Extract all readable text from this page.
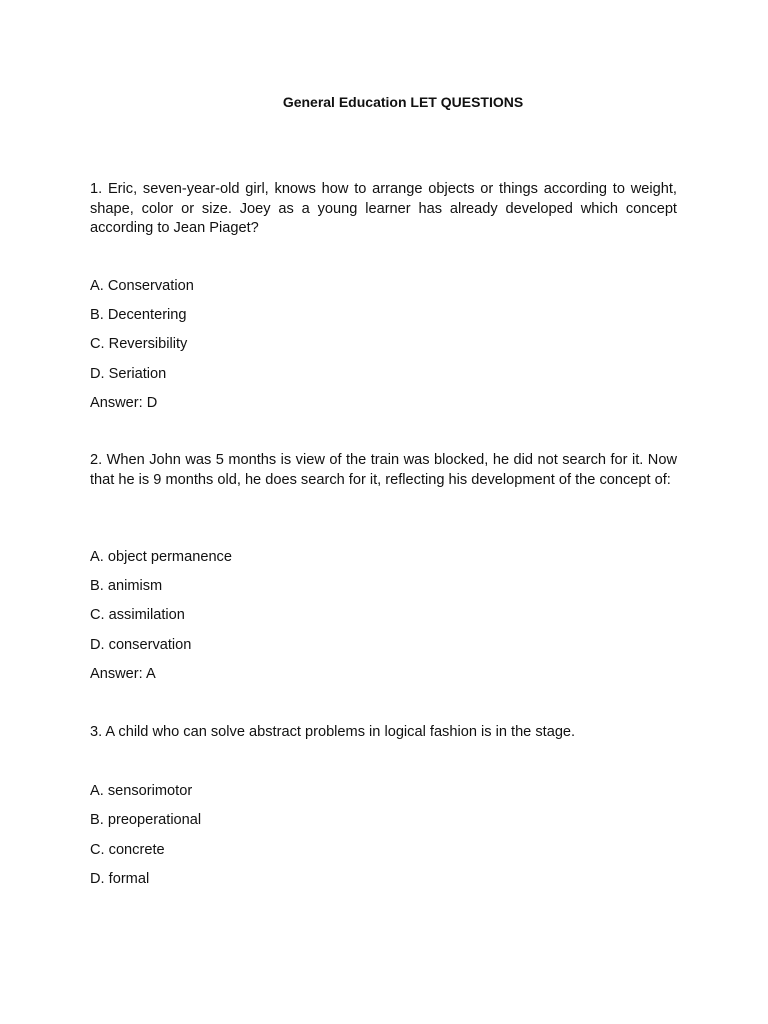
General Education LET QUESTIONS

1. Eric, seven-year-old girl, knows how to arrange objects or things according to weight, shape, color or size. Joey as a young learner has already developed which concept according to Jean Piaget?

A. Conservation
B. Decentering
C. Reversibility
D. Seriation
Answer: D

2. When John was 5 months is view of the train was blocked, he did not search for it. Now that he is 9 months old, he does search for it, reflecting his development of the concept of:

A. object permanence
B. animism
C. assimilation
D. conservation
Answer: A

3. A child who can solve abstract problems in logical fashion is in the stage.

A. sensorimotor
B. preoperational
C. concrete
D. formal
